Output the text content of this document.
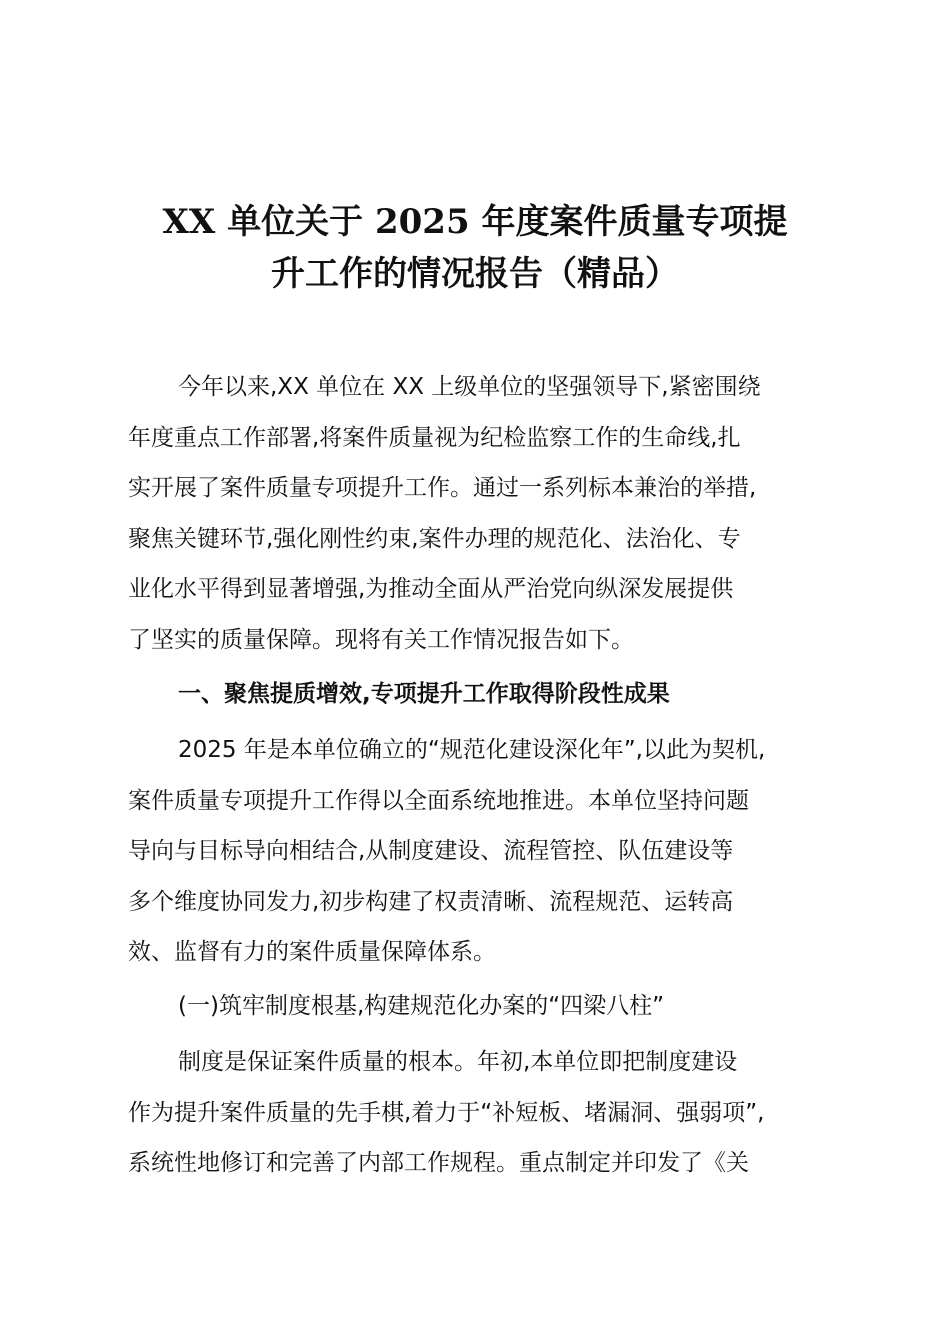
XX 单位关于 2025 年度案件质量专项提
升工作的情况报告（精品）
今年以来,XX 单位在 XX 上级单位的坚强领导下,紧密围绕
年度重点工作部署,将案件质量视为纪检监察工作的生命线,扎
实开展了案件质量专项提升工作。通过一系列标本兼治的举措,
聚焦关键环节,强化刚性约束,案件办理的规范化、法治化、专
业化水平得到显著增强,为推动全面从严治党向纵深发展提供
了坚实的质量保障。现将有关工作情况报告如下。
一、聚焦提质增效,专项提升工作取得阶段性成果
2025 年是本单位确立的“规范化建设深化年”,以此为契机,
案件质量专项提升工作得以全面系统地推进。本单位坚持问题
导向与目标导向相结合,从制度建设、流程管控、队伍建设等
多个维度协同发力,初步构建了权责清晰、流程规范、运转高
效、监督有力的案件质量保障体系。
(一)筑牢制度根基,构建规范化办案的“四梁八柱”
制度是保证案件质量的根本。年初,本单位即把制度建设
作为提升案件质量的先手棋,着力于“补短板、堵漏洞、强弱项”,
系统性地修订和完善了内部工作规程。重点制定并印发了《关
